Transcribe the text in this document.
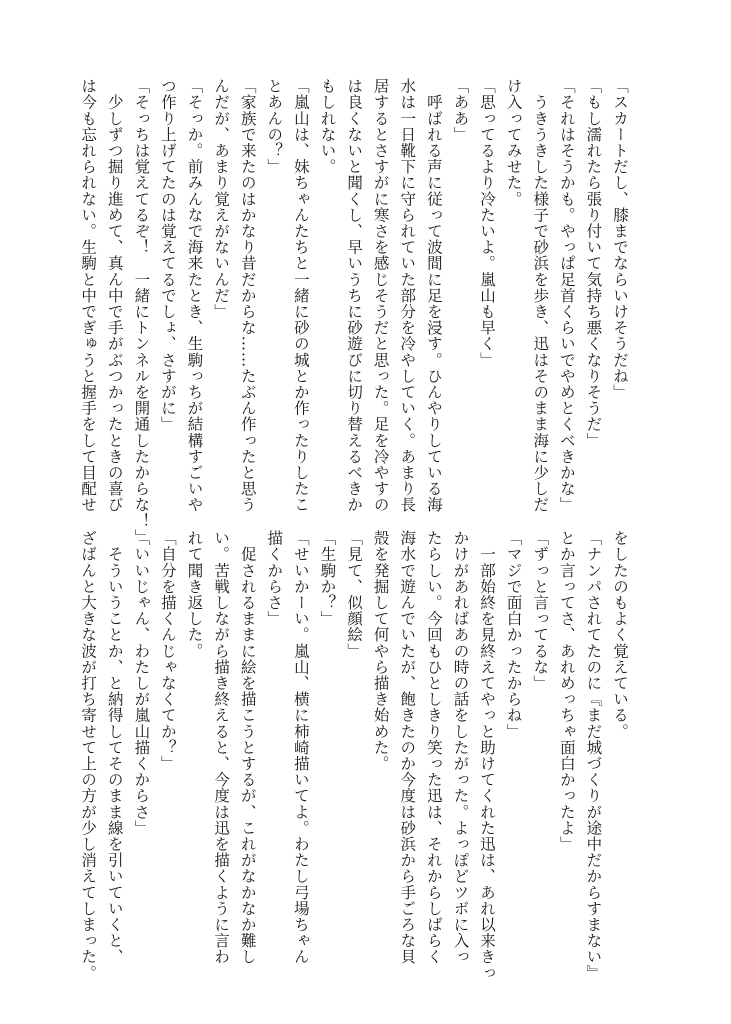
「スカートだし、膝までならいけそうだね」
「もし濡れたら張り付いて気持ち悪くなりそうだ」
「それはそうかも。やっぱ足首くらいでやめとくべきかな」
　うきうきした様子で砂浜を歩き、迅はそのまま海に少しだ
け入ってみせた。
「思ってるより冷たいよ。嵐山も早く」
「ああ」
　呼ばれる声に従って波間に足を浸す。ひんやりしている海
水は一日靴下に守られていた部分を冷やしていく。あまり長
居するとさすがに寒さを感じそうだと思った。足を冷やすの
は良くないと聞くし、早いうちに砂遊びに切り替えるべきか
もしれない。
「嵐山は、妹ちゃんたちと一緒に砂の城とか作ったりしたこ
とあんの？」
「家族で来たのはかなり昔だからな……たぶん作ったと思う
んだが、あまり覚えがないんだ」
「そっか。前みんなで海来たとき、生駒っちが結構すごいや
つ作り上げてたのは覚えてるでしょ、さすがに」
「そっちは覚えてるぞ！　一緒にトンネルを開通したからな！」
　少しずつ掘り進めて、真ん中で手がぶつかったときの喜び
は今も忘れられない。生駒と中でぎゅうと握手をして目配せ
をしたのもよく覚えている。
「ナンパされてたのに『まだ城づくりが途中だからすまない』
とか言ってさ、あれめっちゃ面白かったよ」
「ずっと言ってるな」
「マジで面白かったからね」
　一部始終を見終えてやっと助けてくれた迅は、あれ以来きっ
かけがあればあの時の話をしたがった。よっぽどツボに入っ
たらしい。今回もひとしきり笑った迅は、それからしばらく
海水で遊んでいたが、飽きたのか今度は砂浜から手ごろな貝
殻を発掘して何やら描き始めた。
「見て、似顔絵」
「生駒か？」
「せいかーい。嵐山、横に柿崎描いてよ。わたし弓場ちゃん
描くからさ」
　促されるままに絵を描こうとするが、これがなかなか難し
い。苦戦しながら描き終えると、今度は迅を描くように言わ
れて聞き返した。
「自分を描くんじゃなくてか？」
「いいじゃん、わたしが嵐山描くからさ」
　そういうことか、と納得してそのまま線を引いていくと、
ざばんと大きな波が打ち寄せて上の方が少し消えてしまった。
